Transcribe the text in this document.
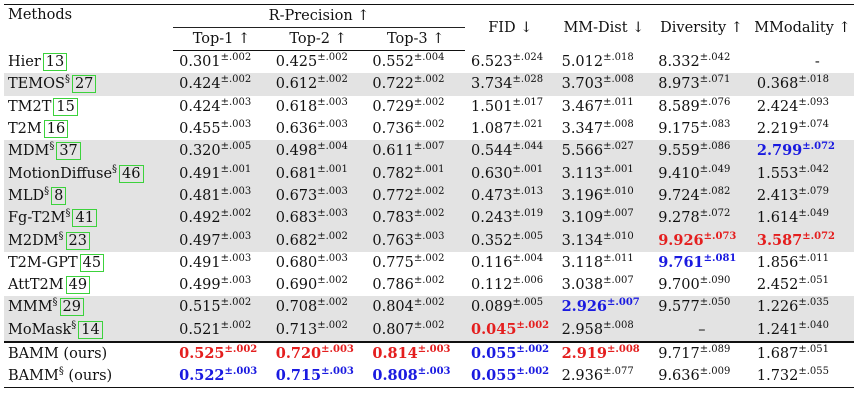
Methods	R-Precision ↑			FID ↓	MM-Dist ↓	Diversity ↑	MModality ↑
	Top-1 ↑	Top-2 ↑	Top-3 ↑				
Hier 13	$0.301^{\pm.002}$	$0.425^{\pm.002}$	$0.552^{\pm.004}$	$6.523^{\pm.024}$	$5.012^{\pm.018}$	$8.332^{\pm.042}$	-
TEMOS§ 27	$0.424^{\pm.002}$	$0.612^{\pm.002}$	$0.722^{\pm.002}$	$3.734^{\pm.028}$	$3.703^{\pm.008}$	$8.973^{\pm.071}$	$0.368^{\pm.018}$
TM2T 15	$0.424^{\pm.003}$	$0.618^{\pm.003}$	$0.729^{\pm.002}$	$1.501^{\pm.017}$	$3.467^{\pm.011}$	$8.589^{\pm.076}$	$2.424^{\pm.093}$
T2M 16	$0.455^{\pm.003}$	$0.636^{\pm.003}$	$0.736^{\pm.002}$	$1.087^{\pm.021}$	$3.347^{\pm.008}$	$9.175^{\pm.083}$	$2.219^{\pm.074}$
MDM§ 37	$0.320^{\pm.005}$	$0.498^{\pm.004}$	$0.611^{\pm.007}$	$0.544^{\pm.044}$	$5.566^{\pm.027}$	$9.559^{\pm.086}$	$2.799^{\pm.072}$
MotionDiffuse§ 46	$0.491^{\pm.001}$	$0.681^{\pm.001}$	$0.782^{\pm.001}$	$0.630^{\pm.001}$	$3.113^{\pm.001}$	$9.410^{\pm.049}$	$1.553^{\pm.042}$
MLD§ 8	$0.481^{\pm.003}$	$0.673^{\pm.003}$	$0.772^{\pm.002}$	$0.473^{\pm.013}$	$3.196^{\pm.010}$	$9.724^{\pm.082}$	$2.413^{\pm.079}$
Fg-T2M§ 41	$0.492^{\pm.002}$	$0.683^{\pm.003}$	$0.783^{\pm.002}$	$0.243^{\pm.019}$	$3.109^{\pm.007}$	$9.278^{\pm.072}$	$1.614^{\pm.049}$
M2DM§ 23	$0.497^{\pm.003}$	$0.682^{\pm.002}$	$0.763^{\pm.003}$	$0.352^{\pm.005}$	$3.134^{\pm.010}$	$9.926^{\pm.073}$	$3.587^{\pm.072}$
T2M-GPT 45	$0.491^{\pm.003}$	$0.680^{\pm.003}$	$0.775^{\pm.002}$	$0.116^{\pm.004}$	$3.118^{\pm.011}$	$9.761^{\pm.081}$	$1.856^{\pm.011}$
AttT2M 49	$0.499^{\pm.003}$	$0.690^{\pm.002}$	$0.786^{\pm.002}$	$0.112^{\pm.006}$	$3.038^{\pm.007}$	$9.700^{\pm.090}$	$2.452^{\pm.051}$
MMM§ 29	$0.515^{\pm.002}$	$0.708^{\pm.002}$	$0.804^{\pm.002}$	$0.089^{\pm.005}$	$2.926^{\pm.007}$	$9.577^{\pm.050}$	$1.226^{\pm.035}$
MoMask§ 14	$0.521^{\pm.002}$	$0.713^{\pm.002}$	$0.807^{\pm.002}$	$0.045^{\pm.002}$	$2.958^{\pm.008}$	–	$1.241^{\pm.040}$
BAMM (ours)	$0.525^{\pm.002}$	$0.720^{\pm.003}$	$0.814^{\pm.003}$	$0.055^{\pm.002}$	$2.919^{\pm.008}$	$9.717^{\pm.089}$	$1.687^{\pm.051}$
BAMM§ (ours)	$0.522^{\pm.003}$	$0.715^{\pm.003}$	$0.808^{\pm.003}$	$0.055^{\pm.002}$	$2.936^{\pm.077}$	$9.636^{\pm.009}$	$1.732^{\pm.055}$
